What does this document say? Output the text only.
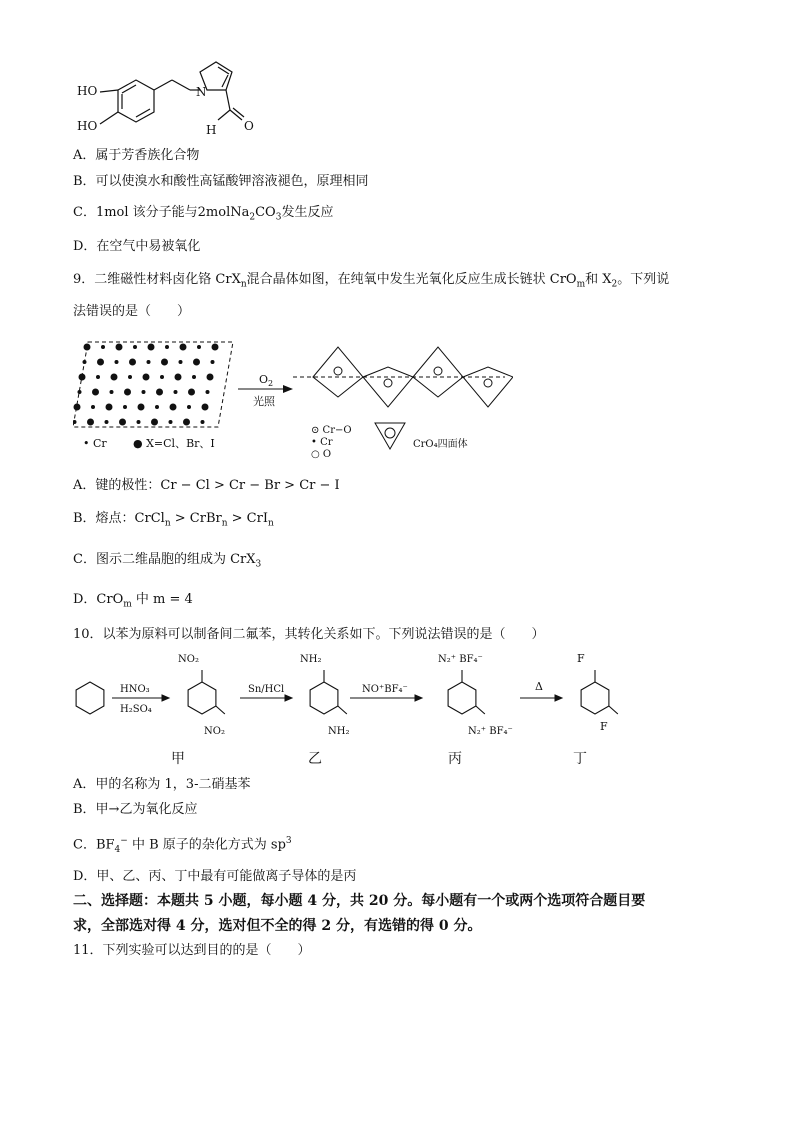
HO
HO
N
H O
A．属于芳香族化合物
B．可以使溴水和酸性高锰酸钾溶液褪色，原理相同
C．1mol 该分子能与$2molNa_2CO_3$发生反应
D．在空气中易被氧化
9．二维磁性材料卤化铬 CrX$_n$混合晶体如图，在纯氧中发生光氧化反应生成长链状 CrO$_m$和 $X_2$。下列说
法错误的是（　　）
$O_2$
光照
• Cr ● X=Cl、Br、I
⊙ Cr−O
• Cr
○ O
CrO₄四面体
A．键的极性：Cr − Cl > Cr − Br > Cr − I
B．熔点：CrCl$_n$ > CrBr$_n$ > CrI$_n$
C．图示二维晶胞的组成为 CrX$_3$
D．CrO$_m$ 中 m = 4
10．以苯为原料可以制备间二氟苯，其转化关系如下。下列说法错误的是（　　）
HNO₃
H₂SO₄
Sn/HCl	NO⁺BF₄⁻	Δ
NO₂
NO₂
NH₂
NH₂
N₂⁺ BF₄⁻
N₂⁺ BF₄⁻
F
F
甲	乙	丙	丁
A．甲的名称为 1，3-二硝基苯
B．甲→乙为氧化反应
C．$BF_4^-$ 中 B 原子的杂化方式为 $sp^3$
D．甲、乙、丙、丁中最有可能做离子导体的是丙
二、选择题：本题共 5 小题，每小题 4 分，共 20 分。每小题有一个或两个选项符合题目要
求，全部选对得 4 分，选对但不全的得 2 分，有选错的得 0 分。
11．下列实验可以达到目的的是（　　）
